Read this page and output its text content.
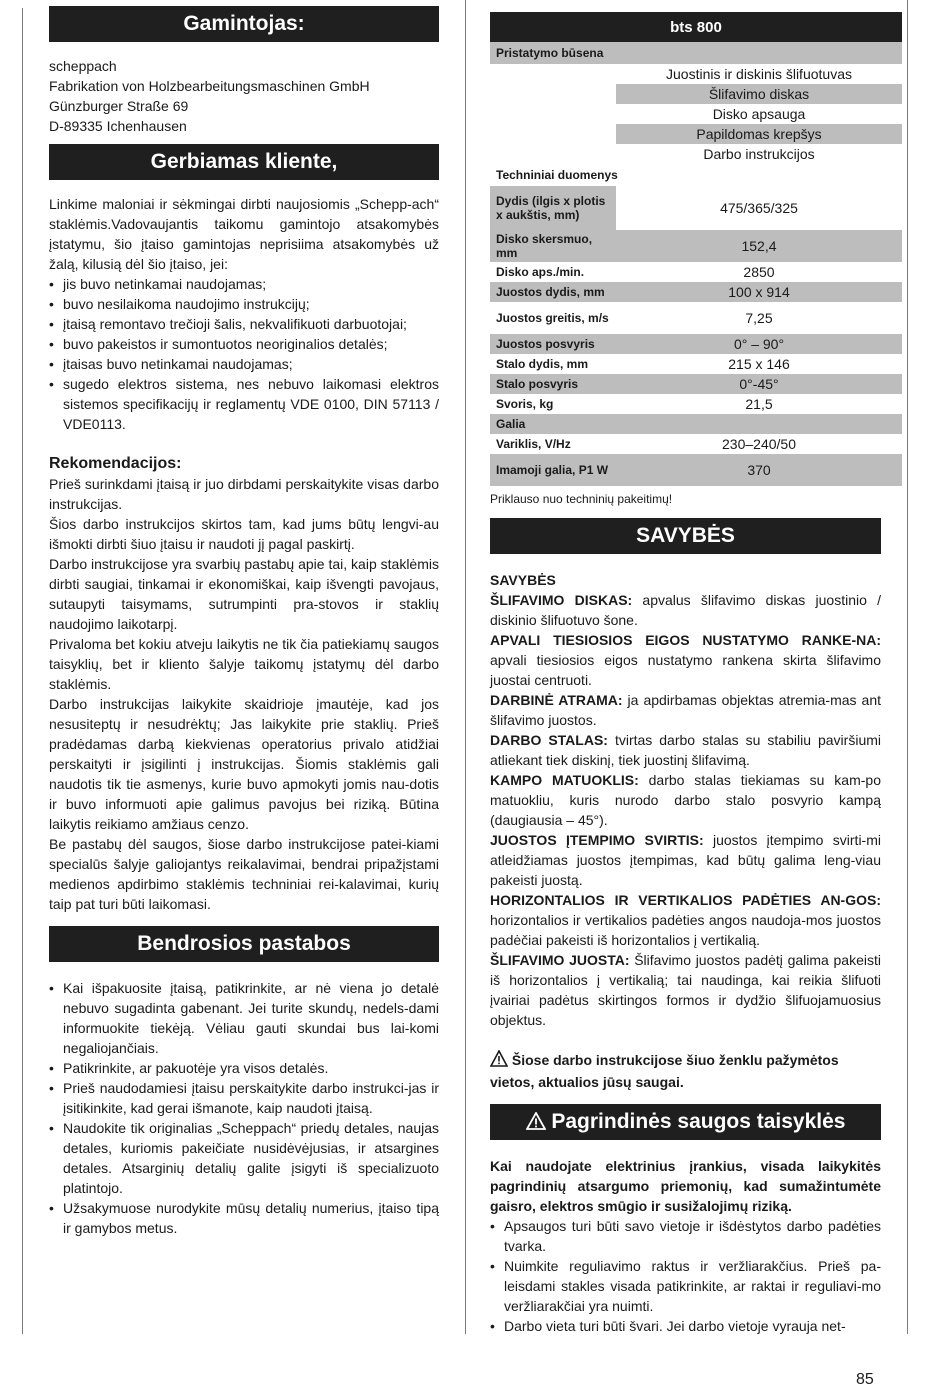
Gamintojas:

scheppach

Fabrikation von Holzbearbeitungsmaschinen GmbH

Günzburger Straße 69

D-89335 Ichenhausen

Gerbiamas kliente,

Linkime maloniai ir sėkmingai dirbti naujosiomis „Schepp-ach“ staklėmis.Vadovaujantis taikomu gamintojo atsakomybės įstatymu, šio įtaiso gamintojas neprisiima atsakomybės už žalą, kilusią dėl šio įtaiso, jei:

• jis buvo netinkamai naudojamas;
• buvo nesilaikoma naudojimo instrukcijų;
• įtaisą remontavo trečioji šalis, nekvalifikuoti darbuotojai;
• buvo pakeistos ir sumontuotos neoriginalios detalės;
• įtaisas buvo netinkamai naudojamas;
• sugedo elektros sistema, nes nebuvo laikomasi elektros sistemos specifikacijų ir reglamentų VDE 0100, DIN 57113 / VDE0113.
Rekomendacijos:

Prieš surinkdami įtaisą ir juo dirbdami perskaitykite visas darbo instrukcijas.

Šios darbo instrukcijos skirtos tam, kad jums būtų lengvi-au išmokti dirbti šiuo įtaisu ir naudoti jį pagal paskirtį.

Darbo instrukcijose yra svarbių pastabų apie tai, kaip staklėmis dirbti saugiai, tinkamai ir ekonomiškai, kaip išvengti pavojaus, sutaupyti taisymams, sutrumpinti pra-stovos ir staklių naudojimo laikotarpį.

Privaloma bet kokiu atveju laikytis ne tik čia patiekiamų saugos taisyklių, bet ir kliento šalyje taikomų įstatymų dėl darbo staklėmis.

Darbo instrukcijas laikykite skaidrioje įmautėje, kad jos nesusiteptų ir nesudrėktų; Jas laikykite prie staklių. Prieš pradėdamas darbą kiekvienas operatorius privalo atidžiai perskaityti ir įsigilinti į instrukcijas. Šiomis staklėmis gali naudotis tik tie asmenys, kurie buvo apmokyti jomis nau-dotis ir buvo informuoti apie galimus pavojus bei riziką. Būtina laikytis reikiamo amžiaus cenzo.

Be pastabų dėl saugos, šiose darbo instrukcijose patei-kiami specialūs šalyje galiojantys reikalavimai, bendrai pripažįstami medienos apdirbimo staklėmis techniniai rei-kalavimai, kurių taip pat turi būti laikomasi.

Bendrosios pastabos
• Kai išpakuosite įtaisą, patikrinkite, ar nė viena jo detalė nebuvo sugadinta gabenant. Jei turite skundų, nedels-dami informuokite tiekėją. Vėliau gauti skundai bus lai-komi negaliojančiais.
• Patikrinkite, ar pakuotėje yra visos detalės.
• Prieš naudodamiesi įtaisu perskaitykite darbo instrukci-jas ir įsitikinkite, kad gerai išmanote, kaip naudoti įtaisą.
• Naudokite tik originalias „Scheppach“ priedų detales, naujas detales, kuriomis pakeičiate nusidėvėjusias, ir atsargines detales. Atsarginių detalių galite įsigyti iš specializuoto platintojo.
• Užsakymuose nurodykite mūsų detalių numerius, įtaiso tipą ir gamybos metus.
bts 800	
Pristatymo būsena	
	Juostinis ir diskinis šlifuotuvas
	Šlifavimo diskas
	Disko apsauga
	Papildomas krepšys
	Darbo instrukcijos
Techniniai duomenys	
Dydis (ilgis x plotis x aukštis, mm)	475/365/325
Disko skersmuo, mm	152,4
Disko aps./min.	2850
Juostos dydis, mm	100 x 914
Juostos greitis, m/s	7,25
Juostos posvyris	0° – 90°
Stalo dydis, mm	215 x 146
Stalo posvyris	0°-45°
Svoris, kg	21,5
Galia	
Variklis, V/Hz	230–240/50
Imamoji galia, P1 W	370
Priklauso nuo techninių pakeitimų!
SAVYBĖS

SAVYBĖS

ŠLIFAVIMO DISKAS: apvalus šlifavimo diskas juostinio / diskinio šlifuotuvo šone.

APVALI TIESIOSIOS EIGOS NUSTATYMO RANKE-NA: apvali tiesiosios eigos nustatymo rankena skirta šlifavimo juostai centruoti.

DARBINĖ ATRAMA: ja apdirbamas objektas atremia-mas ant šlifavimo juostos.

DARBO STALAS: tvirtas darbo stalas su stabiliu paviršiumi atliekant tiek diskinį, tiek juostinį šlifavimą.

KAMPO MATUOKLIS: darbo stalas tiekiamas su kam-po matuokliu, kuris nurodo darbo stalo posvyrio kampą (daugiausia – 45°).

JUOSTOS ĮTEMPIMO SVIRTIS: juostos įtempimo svirti-mi atleidžiamas juostos įtempimas, kad būtų galima leng-viau pakeisti juostą.

HORIZONTALIOS IR VERTIKALIOS PADĖTIES AN-GOS: horizontalios ir vertikalios padėties angos naudoja-mos juostos padėčiai pakeisti iš horizontalios į vertikalią.

ŠLIFAVIMO JUOSTA: Šlifavimo juostos padėtį galima pakeisti iš horizontalios į vertikalią; tai naudinga, kai reikia šlifuoti įvairiai padėtus skirtingos formos ir dydžio šlifuojamuosius objektus.

Šiose darbo instrukcijose šiuo ženklu pažymėtos vietos, aktualios jūsų saugai.
Pagrindinės saugos taisyklės

Kai naudojate elektrinius įrankius, visada laikykitės pagrindinių atsargumo priemonių, kad sumažintumėte gaisro, elektros smūgio ir susižalojimų riziką.

• Apsaugos turi būti savo vietoje ir išdėstytos darbo padėties tvarka.
• Nuimkite reguliavimo raktus ir veržliarakčius. Prieš pa-leisdami stakles visada patikrinkite, ar raktai ir reguliavi-mo veržliarakčiai yra nuimti.
• Darbo vieta turi būti švari. Jei darbo vietoje vyrauja net-
85
